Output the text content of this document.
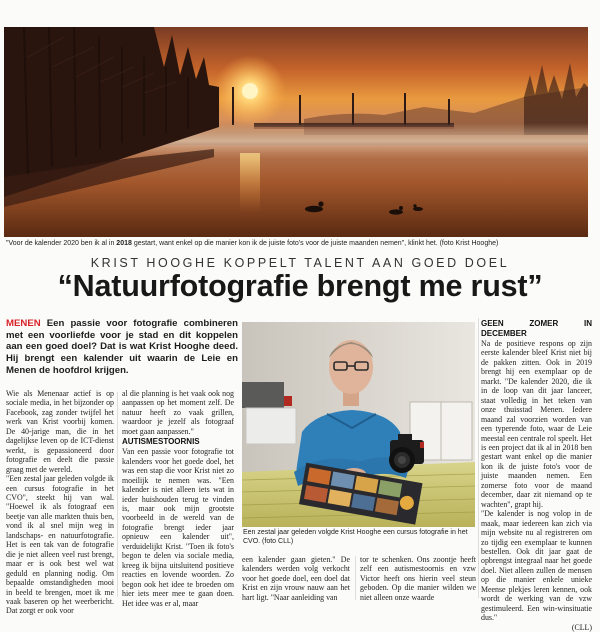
"Voor de kalender 2020 ben ik al in 2018 gestart, want enkel op die manier kon ik de juiste foto's voor de juiste maanden nemen", klinkt het. (foto Krist Hooghe)
KRIST HOOGHE KOPPELT TALENT AAN GOED DOEL
“Natuurfotografie brengt me rust”
MENEN Een passie voor fotografie combineren met een voorliefde voor je stad en dit koppelen aan een goed doel? Dat is wat Krist Hooghe deed. Hij brengt een kalender uit waarin de Leie en Menen de hoofdrol krijgen.

Wie als Menenaar actief is op sociale media, in het bijzonder op Facebook, zag zonder twijfel het werk van Krist voorbij komen. De 40-jarige man, die in het dagelijkse leven op de ICT-dienst werkt, is gepassioneerd door fotografie en deelt die passie graag met de wereld.

"Een zestal jaar geleden volgde ik een cursus fotografie in het CVO", steekt hij van wal. "Hoewel ik als fotograaf een beetje van alle markten thuis ben, vond ik al snel mijn weg in landschaps- en natuurfotografie. Het is een tak van de fotografie die je niet alleen veel rust brengt, maar er is ook best wel wat geduld en planning nodig. Om bepaalde omstandigheden mooi in beeld te brengen, moet ik me vaak baseren op het weerbericht. Dat zorgt er ook voor

al die planning is het vaak ook nog aanpassen op het moment zelf. De natuur heeft zo vaak grillen, waardoor je jezelf als fotograaf moet gaan aanpassen."

AUTISMESTOORNIS

Van een passie voor fotografie tot kalenders voor het goede doel, het was een stap die voor Krist niet zo moeilijk te nemen was. "Een kalender is niet alleen iets wat in ieder huishouden terug te vinden is, maar ook mijn grootste voorbeeld in de wereld van de fotografie brengt ieder jaar opnieuw een kalender uit", verduidelijkt Krist. "Toen ik foto's begon te delen via sociale media, kreeg ik bijna uitsluitend positieve reacties en lovende woorden. Zo begon ook het idee te broeden om hier iets meer mee te gaan doen. Het idee was er al, maar

Een zestal jaar geleden volgde Krist Hooghe een cursus fotografie in het CVO. (foto CLL)

een kalender gaan gieten." De kalenders werden volg verkocht voor het goede doel, een doel dat Krist en zijn vrouw nauw aan het hart ligt. "Naar aanleiding van

tor te schenken. Ons zoontje heeft zelf een autismestoornis en vzw Victor heeft ons hierin veel steun geboden. Op die manier wilden we niet alleen onze waarde

GEEN ZOMER IN DECEMBER

Na de positieve respons op zijn eerste kalender bleef Krist niet bij de pakken zitten. Ook in 2019 brengt hij een exemplaar op de markt. "De kalender 2020, die ik in de loop van dit jaar lanceer, staat volledig in het teken van onze thuisstad Menen. Iedere maand zal voorzien worden van een typerende foto, waar de Leie meestal een centrale rol speelt. Het is een project dat ik al in 2018 ben gestart want enkel op die manier kon ik de juiste foto's voor de juiste maanden nemen. Een zomerse foto voor de maand december, daar zit niemand op te wachten", grapt hij.

"De kalender is nog volop in de maak, maar iedereen kan zich via mijn website nu al registreren om zo tijdig een exemplaar te kunnen bestellen. Ook dit jaar gaat de opbrengst integraal naar het goede doel. Niet alleen zullen de mensen op die manier enkele unieke Meense plekjes leren kennen, ook wordt de werking van de vzw gestimuleerd. Een win-winsituatie dus."

(CLL)
